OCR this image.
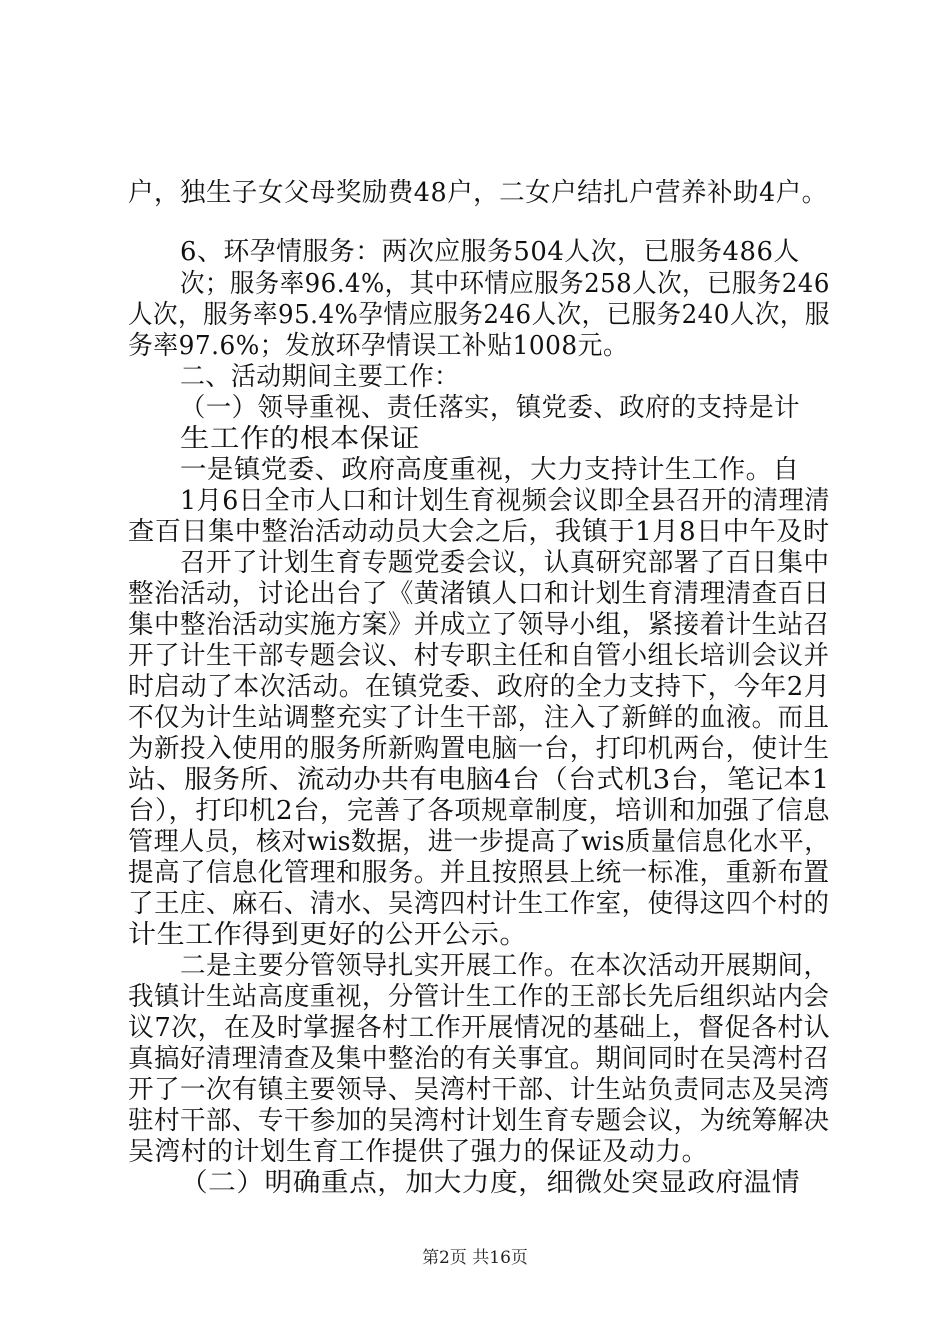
户，独生子女父母奖励费48户，二女户结扎户营养补助4户。
6、环孕情服务：两次应服务504人次，已服务486人
次；服务率96.4%，其中环情应服务258人次，已服务246
人次，服务率95.4%孕情应服务246人次，已服务240人次，服
务率97.6%；发放环孕情误工补贴1008元。
二、活动期间主要工作：
（一）领导重视、责任落实，镇党委、政府的支持是计
生工作的根本保证
一是镇党委、政府高度重视，大力支持计生工作。自
1月6日全市人口和计划生育视频会议即全县召开的清理清
查百日集中整治活动动员大会之后，我镇于1月8日中午及时
召开了计划生育专题党委会议，认真研究部署了百日集中
整治活动，讨论出台了《黄渚镇人口和计划生育清理清查百日
集中整治活动实施方案》并成立了领导小组，紧接着计生站召
开了计生干部专题会议、村专职主任和自管小组长培训会议并
时启动了本次活动。在镇党委、政府的全力支持下，今年2月
不仅为计生站调整充实了计生干部，注入了新鲜的血液。而且
为新投入使用的服务所新购置电脑一台，打印机两台，使计生
站、服务所、流动办共有电脑4台（台式机3台，笔记本1
台），打印机2台，完善了各项规章制度，培训和加强了信息
管理人员，核对wis数据，进一步提高了wis质量信息化水平，
提高了信息化管理和服务。并且按照县上统一标准，重新布置
了王庄、麻石、清水、吴湾四村计生工作室，使得这四个村的
计生工作得到更好的公开公示。
二是主要分管领导扎实开展工作。在本次活动开展期间，
我镇计生站高度重视，分管计生工作的王部长先后组织站内会
议7次，在及时掌握各村工作开展情况的基础上，督促各村认
真搞好清理清查及集中整治的有关事宜。期间同时在吴湾村召
开了一次有镇主要领导、吴湾村干部、计生站负责同志及吴湾
驻村干部、专干参加的吴湾村计划生育专题会议，为统筹解决
吴湾村的计划生育工作提供了强力的保证及动力。
（二）明确重点，加大力度，细微处突显政府温情
第2页 共16页
